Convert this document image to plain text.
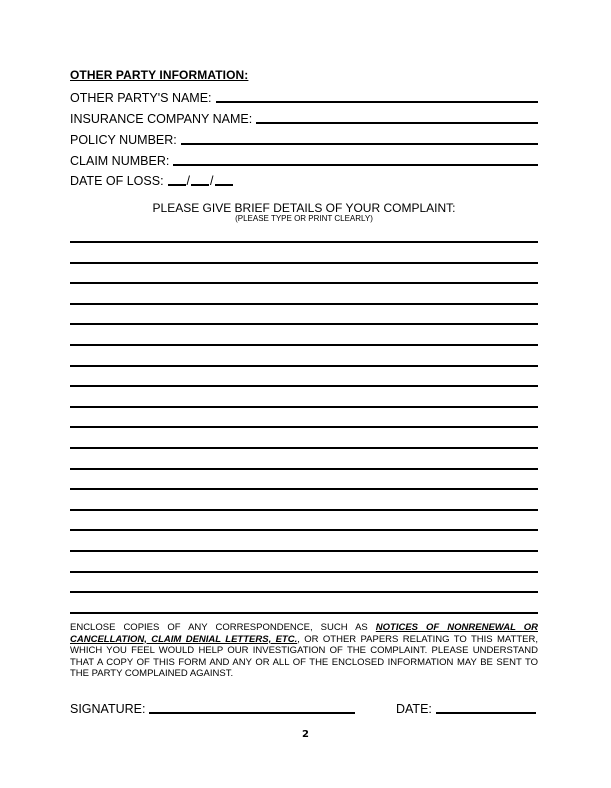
OTHER PARTY INFORMATION:
OTHER PARTY'S NAME:
INSURANCE COMPANY NAME:
POLICY NUMBER:
CLAIM NUMBER:
DATE OF LOSS:	/ /
PLEASE GIVE BRIEF DETAILS OF YOUR COMPLAINT:
(PLEASE TYPE OR PRINT CLEARLY)
ENCLOSE COPIES OF ANY CORRESPONDENCE, SUCH AS NOTICES OF NONRENEWAL OR CANCELLATION, CLAIM DENIAL LETTERS, ETC., OR OTHER PAPERS RELATING TO THIS MATTER, WHICH YOU FEEL WOULD HELP OUR INVESTIGATION OF THE COMPLAINT. PLEASE UNDERSTAND THAT A COPY OF THIS FORM AND ANY OR ALL OF THE ENCLOSED INFORMATION MAY BE SENT TO THE PARTY COMPLAINED AGAINST.
SIGNATURE:	DATE:
2
